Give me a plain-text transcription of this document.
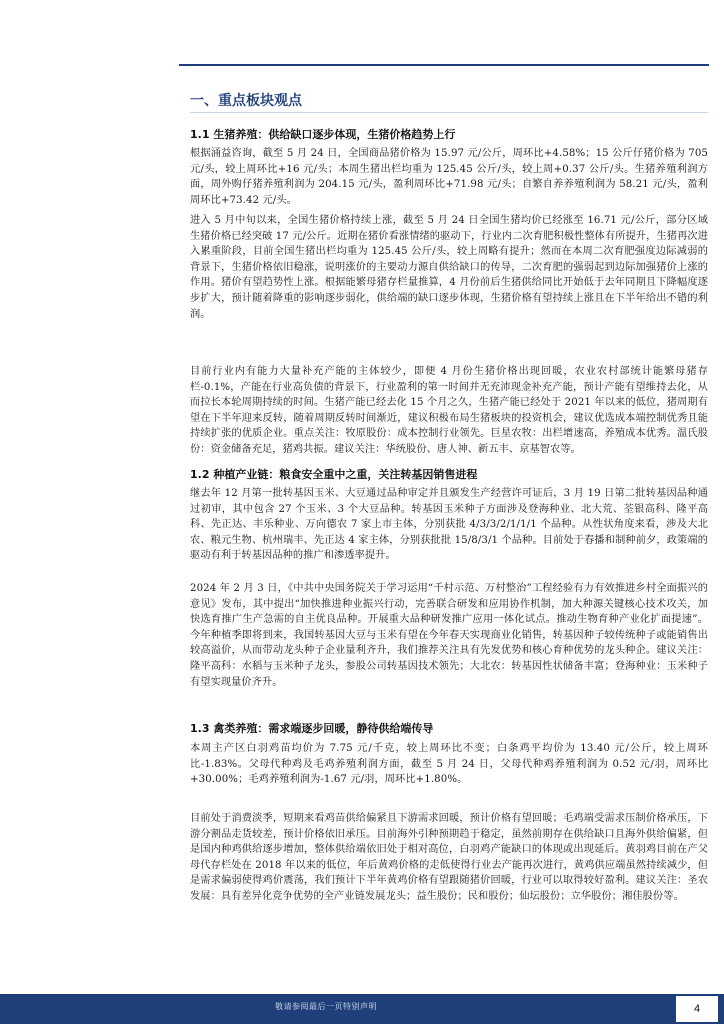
一、重点板块观点
1.1 生猪养殖：供给缺口逐步体现，生猪价格趋势上行

根据涌益咨询，截至 5 月 24 日，全国商品猪价格为 15.97 元/公斤，周环比+4.58%；15 公斤仔猪价格为 705 元/头，较上周环比+16 元/头；本周生猪出栏均重为 125.45 公斤/头，较上周+0.37 公斤/头。生猪养殖利润方面，周外购仔猪养殖利润为 204.15 元/头，盈利周环比+71.98 元/头；自繁自养养殖利润为 58.21 元/头，盈利周环比+73.42 元/头。

进入 5 月中旬以来，全国生猪价格持续上涨，截至 5 月 24 日全国生猪均价已经涨至 16.71 元/公斤，部分区域生猪价格已经突破 17 元/公斤。近期在猪价看涨情绪的驱动下，行业内二次育肥积极性整体有所提升，生猪再次进入累重阶段，目前全国生猪出栏均重为 125.45 公斤/头，较上周略有提升；然而在本周二次育肥强度边际减弱的背景下，生猪价格依旧稳涨，说明涨价的主要动力源自供给缺口的传导，二次育肥的强弱起到边际加强猪价上涨的作用。猪价有望趋势性上涨。根据能繁母猪存栏量推算，4 月份前后生猪供给同比开始低于去年同期且下降幅度逐步扩大，预计随着降重的影响逐步弱化，供给端的缺口逐步体现，生猪价格有望持续上涨且在下半年给出不错的利润。

目前行业内有能力大量补充产能的主体较少，即便 4 月份生猪价格出现回暖，农业农村部统计能繁母猪存栏-0.1%，产能在行业高负债的背景下，行业盈利的第一时间并无充沛现金补充产能，预计产能有望维持去化，从而拉长本轮周期持续的时间。生猪产能已经去化 15 个月之久，生猪产能已经处于 2021 年以来的低位，猪周期有望在下半年迎来反转，随着周期反转时间渐近，建议积极布局生猪板块的投资机会，建议优选成本端控制优秀且能持续扩张的优质企业。重点关注：牧原股份：成本控制行业领先。巨星农牧：出栏增速高，养殖成本优秀。温氏股份：资金储备充足，猪鸡共振。建议关注：华统股份、唐人神、新五丰、京基智农等。

1.2 种植产业链：粮食安全重中之重，关注转基因销售进程

继去年 12 月第一批转基因玉米、大豆通过品种审定并且颁发生产经营许可证后，3 月 19 日第二批转基因品种通过初审，其中包含 27 个玉米、3 个大豆品种。转基因玉米种子方面涉及登海种业、北大荒、荃银高科、隆平高科、先正达、丰乐种业、万向德农 7 家上市主体，分别获批 4/3/3/2/1/1/1 个品种。从性状角度来看，涉及大北农、粮元生物、杭州瑞丰、先正达 4 家主体，分别获批批 15/8/3/1 个品种。目前处于春播和制种前夕，政策端的驱动有利于转基因品种的推广和渗透率提升。

2024 年 2 月 3 日，《中共中央国务院关于学习运用“千村示范、万村整治”工程经验有力有效推进乡村全面振兴的意见》发布，其中提出“加快推进种业振兴行动，完善联合研发和应用协作机制，加大种源关键核心技术攻关，加快选育推广生产急需的自主优良品种。开展重大品种研发推广应用一体化试点。推动生物育种产业化扩面提速”。今年种植季即将到来，我国转基因大豆与玉米有望在今年春天实现商业化销售，转基因种子较传统种子或能销售出较高溢价，从而带动龙头种子企业量利齐升，我们推荐关注具有先发优势和核心育种优势的龙头种企。建议关注：隆平高科：水稻与玉米种子龙头，参股公司转基因技术领先；大北农：转基因性状储备丰富；登海种业：玉米种子有望实现量价齐升。

1.3 禽类养殖：需求端逐步回暖，静待供给端传导

本周主产区白羽鸡苗均价为 7.75 元/千克，较上周环比不变；白条鸡平均价为 13.40 元/公斤，较上周环比-1.83%。父母代种鸡及毛鸡养殖利润方面，截至 5 月 24 日，父母代种鸡养殖利润为 0.52 元/羽，周环比+30.00%；毛鸡养殖利润为-1.67 元/羽，周环比+1.80%。

目前处于消费淡季，短期来看鸡苗供给偏紧且下游需求回暖，预计价格有望回暖；毛鸡端受需求压制价格承压，下游分割品走货较差，预计价格依旧承压。目前海外引种预期趋于稳定，虽然前期存在供给缺口且海外供给偏紧，但是国内种鸡供给逐步增加，整体供给端依旧处于相对高位，白羽鸡产能缺口的体现或出现延后。黄羽鸡目前在产父母代存栏处在 2018 年以来的低位，年后黄鸡价格的走低使得行业去产能再次进行，黄鸡供应端虽然持续减少，但是需求偏弱使得鸡价震荡，我们预计下半年黄鸡价格有望跟随猪价回暖，行业可以取得较好盈利。建议关注：圣农发展：具有差异化竞争优势的全产业链发展龙头；益生股份；民和股份；仙坛股份；立华股份；湘佳股份等。

敬请参阅最后一页特别声明	4
